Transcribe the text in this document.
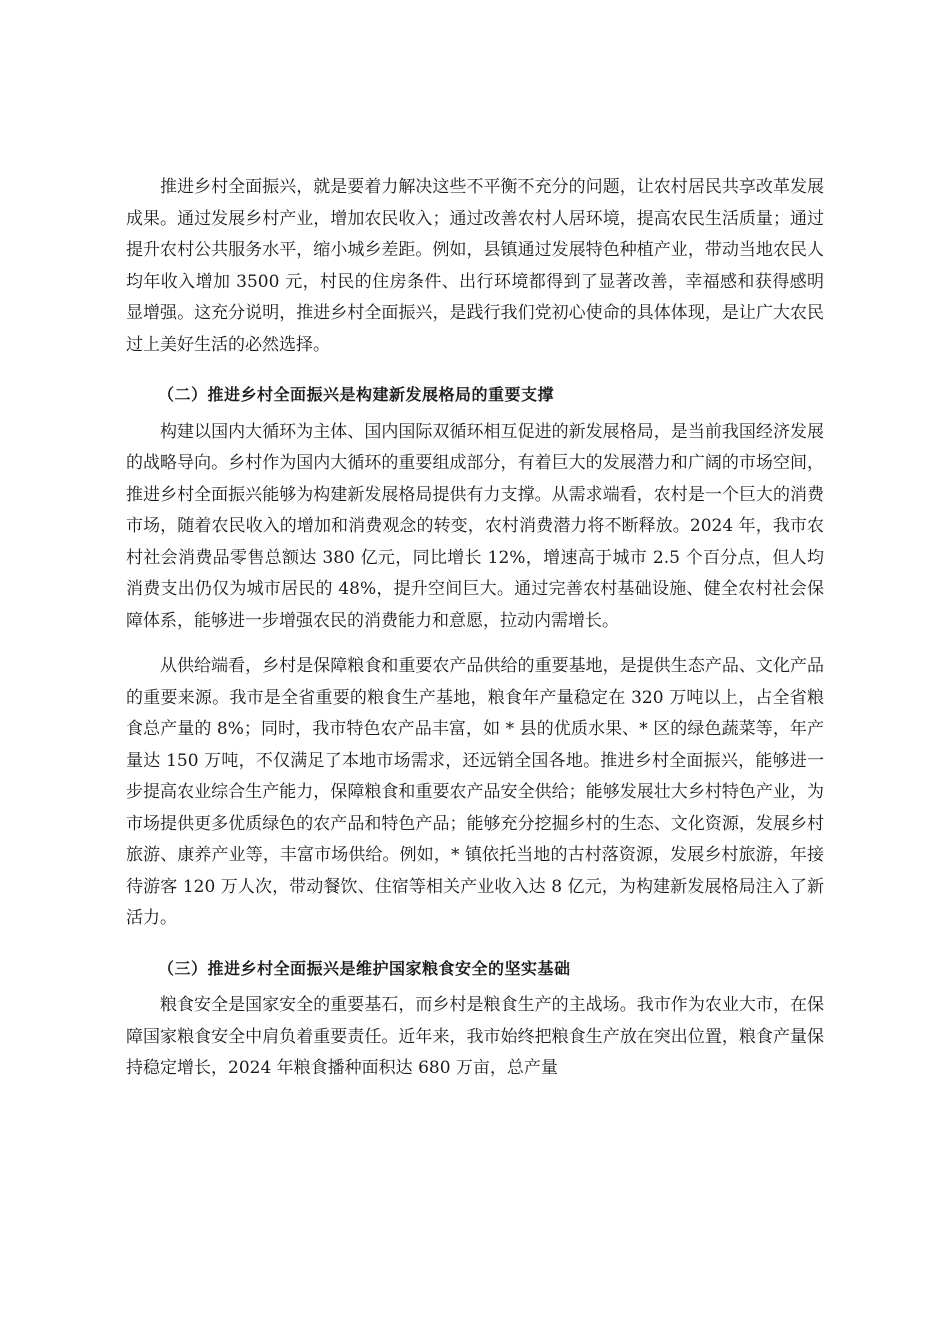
推进乡村全面振兴，就是要着力解决这些不平衡不充分的问题，让农村居民共享改革发展成果。通过发展乡村产业，增加农民收入；通过改善农村人居环境，提高农民生活质量；通过提升农村公共服务水平，缩小城乡差距。例如，县镇通过发展特色种植产业，带动当地农民人均年收入增加 3500 元，村民的住房条件、出行环境都得到了显著改善，幸福感和获得感明显增强。这充分说明，推进乡村全面振兴，是践行我们党初心使命的具体体现，是让广大农民过上美好生活的必然选择。

（二）推进乡村全面振兴是构建新发展格局的重要支撑

构建以国内大循环为主体、国内国际双循环相互促进的新发展格局，是当前我国经济发展的战略导向。乡村作为国内大循环的重要组成部分，有着巨大的发展潜力和广阔的市场空间，推进乡村全面振兴能够为构建新发展格局提供有力支撑。从需求端看，农村是一个巨大的消费市场，随着农民收入的增加和消费观念的转变，农村消费潜力将不断释放。2024 年，我市农村社会消费品零售总额达 380 亿元，同比增长 12%，增速高于城市 2.5 个百分点，但人均消费支出仍仅为城市居民的 48%，提升空间巨大。通过完善农村基础设施、健全农村社会保障体系，能够进一步增强农民的消费能力和意愿，拉动内需增长。

从供给端看，乡村是保障粮食和重要农产品供给的重要基地，是提供生态产品、文化产品的重要来源。我市是全省重要的粮食生产基地，粮食年产量稳定在 320 万吨以上，占全省粮食总产量的 8%；同时，我市特色农产品丰富，如 * 县的优质水果、* 区的绿色蔬菜等，年产量达 150 万吨，不仅满足了本地市场需求，还远销全国各地。推进乡村全面振兴，能够进一步提高农业综合生产能力，保障粮食和重要农产品安全供给；能够发展壮大乡村特色产业，为市场提供更多优质绿色的农产品和特色产品；能够充分挖掘乡村的生态、文化资源，发展乡村旅游、康养产业等，丰富市场供给。例如，* 镇依托当地的古村落资源，发展乡村旅游，年接待游客 120 万人次，带动餐饮、住宿等相关产业收入达 8 亿元，为构建新发展格局注入了新活力。

（三）推进乡村全面振兴是维护国家粮食安全的坚实基础

粮食安全是国家安全的重要基石，而乡村是粮食生产的主战场。我市作为农业大市，在保障国家粮食安全中肩负着重要责任。近年来，我市始终把粮食生产放在突出位置，粮食产量保持稳定增长，2024 年粮食播种面积达 680 万亩，总产量
